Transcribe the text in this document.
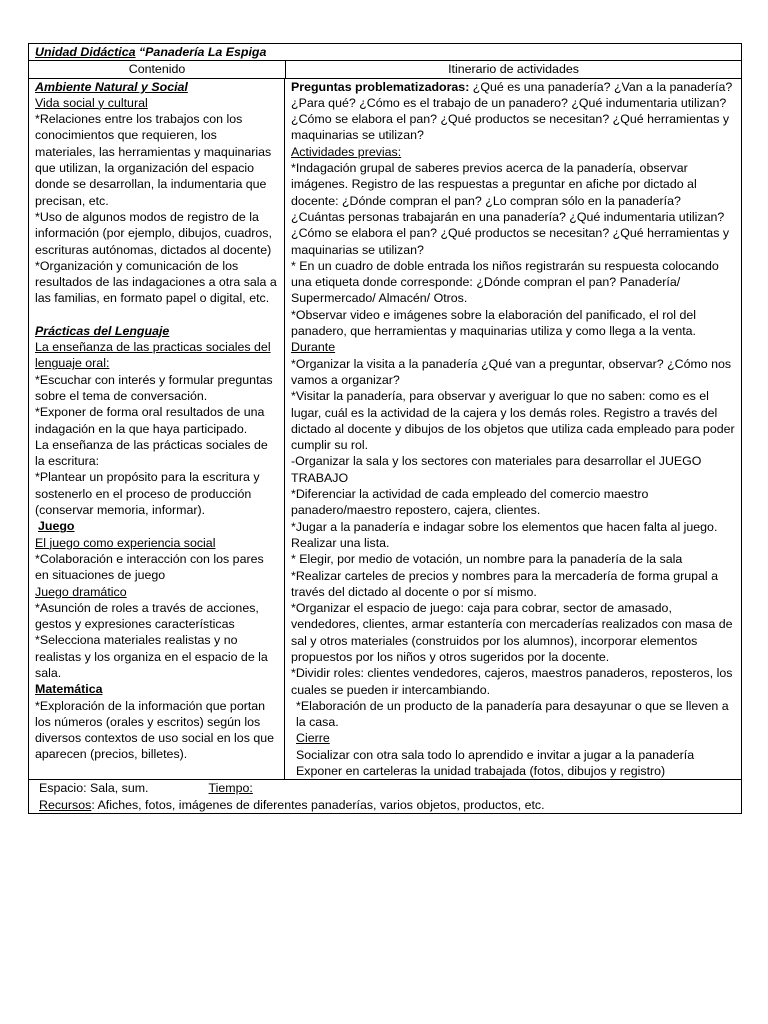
Unidad Didáctica “Panadería La Espiga
Contenido	Itinerario de actividades
Ambiente Natural y Social
Vida social y cultural
*Relaciones entre los trabajos con los conocimientos que requieren, los materiales, las herramientas y maquinarias que utilizan, la organización del espacio donde se desarrollan, la indumentaria que precisan, etc.
*Uso de algunos modos de registro de la información (por ejemplo, dibujos, cuadros, escrituras autónomas, dictados al docente)
*Organización y comunicación de los resultados de las indagaciones a otra sala a las familias, en formato papel o digital, etc.
Prácticas del Lenguaje
La enseñanza de las practicas sociales del lenguaje oral:
*Escuchar con interés y formular preguntas sobre el tema de conversación.
*Exponer de forma oral resultados de una indagación en la que haya participado.
La enseñanza de las prácticas sociales de la escritura:
*Plantear un propósito para la escritura y sostenerlo en el proceso de producción (conservar memoria, informar).
Juego
El juego como experiencia social
*Colaboración e interacción con los pares en situaciones de juego
Juego dramático
*Asunción de roles a través de acciones, gestos y expresiones características
*Selecciona materiales realistas y no realistas y los organiza en el espacio de la sala.
Matemática
*Exploración de la información que portan los números (orales y escritos) según los diversos contextos de uso social en los que aparecen (precios, billetes).
Preguntas problematizadoras: ¿Qué es una panadería? ¿Van a la panadería? ¿Para qué? ¿Cómo es el trabajo de un panadero? ¿Qué indumentaria utilizan? ¿Cómo se elabora el pan? ¿Qué productos se necesitan? ¿Qué herramientas y maquinarias se utilizan?
Actividades previas:
*Indagación grupal de saberes previos acerca de la panadería, observar imágenes. Registro de las respuestas a preguntar en afiche por dictado al docente: ¿Dónde compran el pan? ¿Lo compran sólo en la panadería? ¿Cuántas personas trabajarán en una panadería? ¿Qué indumentaria utilizan? ¿Cómo se elabora el pan? ¿Qué productos se necesitan? ¿Qué herramientas y maquinarias se utilizan?
* En un cuadro de doble entrada los niños registrarán su respuesta colocando una etiqueta donde corresponde: ¿Dónde compran el pan? Panadería/ Supermercado/ Almacén/ Otros.
*Observar video e imágenes sobre la elaboración del panificado, el rol del panadero, que herramientas y maquinarias utiliza y como llega a la venta.
Durante
*Organizar la visita a la panadería ¿Qué van a preguntar, observar? ¿Cómo nos vamos a organizar?
*Visitar la panadería, para observar y averiguar lo que no saben: como es el lugar, cuál es la actividad de la cajera y los demás roles. Registro a través del dictado al docente y dibujos de los objetos que utiliza cada empleado para poder cumplir su rol.
-Organizar la sala y los sectores con materiales para desarrollar el JUEGO TRABAJO
*Diferenciar la actividad de cada empleado del comercio maestro panadero/maestro repostero, cajera, clientes.
*Jugar a la panadería e indagar sobre los elementos que hacen falta al juego. Realizar una lista.
* Elegir, por medio de votación, un nombre para la panadería de la sala
*Realizar carteles de precios y nombres para la mercadería de forma grupal a través del dictado al docente o por sí mismo.
*Organizar el espacio de juego: caja para cobrar, sector de amasado, vendedores, clientes, armar estantería con mercaderías realizados con masa de sal y otros materiales (construidos por los alumnos), incorporar elementos propuestos por los niños y otros sugeridos por la docente.
*Dividir roles: clientes vendedores, cajeros, maestros panaderos, reposteros, los cuales se pueden ir intercambiando.
*Elaboración de un producto de la panadería para desayunar o que se lleven a la casa.
Cierre
Socializar con otra sala todo lo aprendido e invitar a jugar a la panadería
Exponer en carteleras la unidad trabajada (fotos, dibujos y registro)
Espacio: Sala, sum.	Tiempo:
Recursos: Afiches, fotos, imágenes de diferentes panaderías, varios objetos, productos, etc.
